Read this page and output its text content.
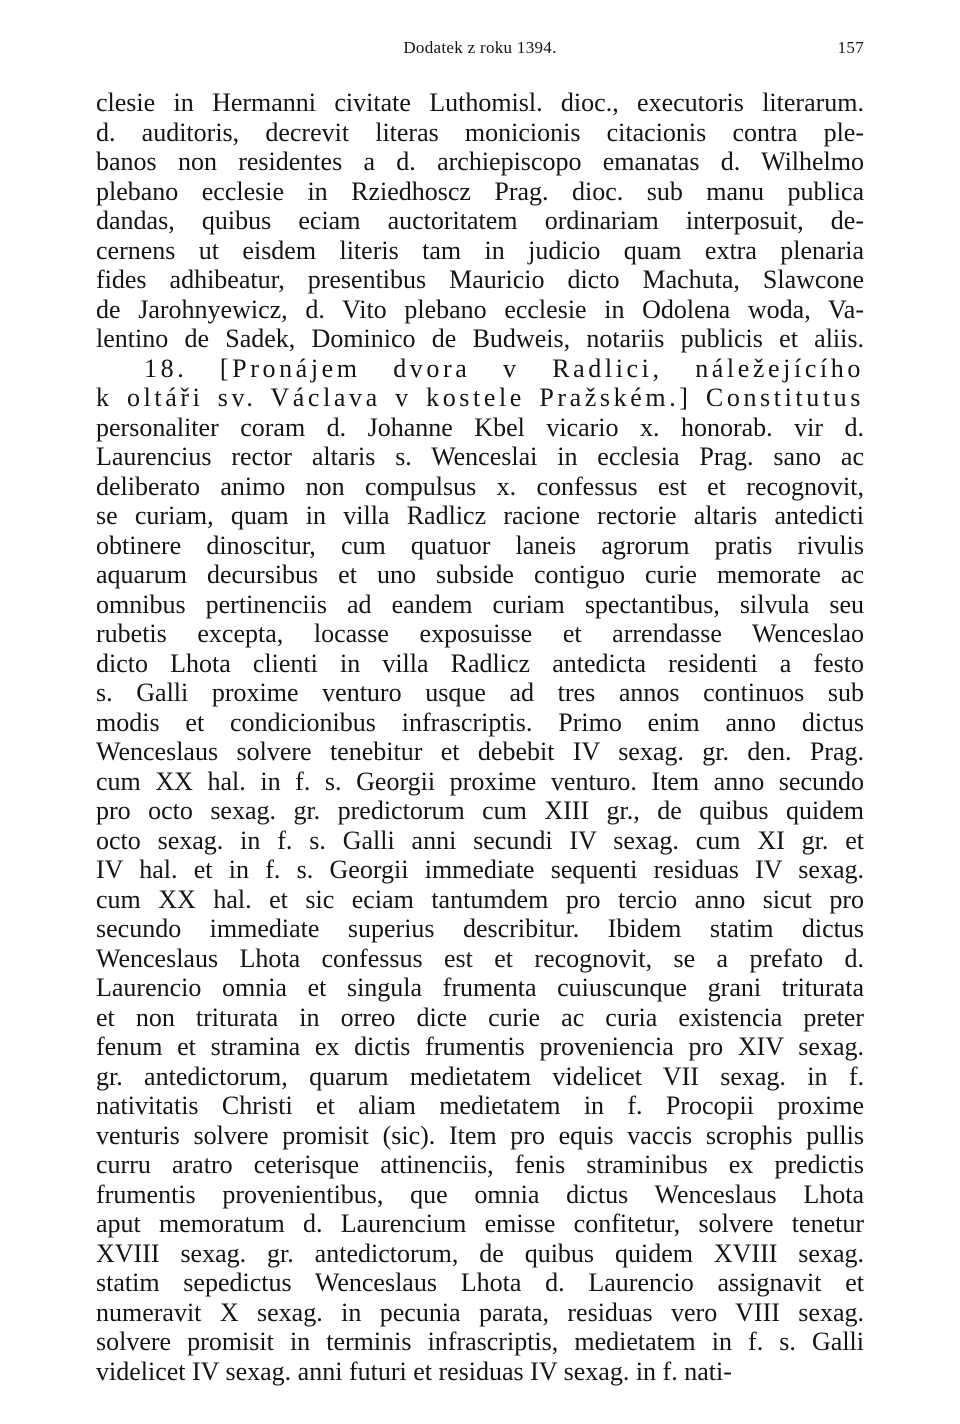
Dodatek z roku 1394.	157
clesie in Hermanni civitate Luthomisl. dioc., executoris literarum.
d. auditoris, decrevit literas monicionis citacionis contra ple-
banos non residentes a d. archiepiscopo emanatas d. Wilhelmo
plebano ecclesie in Rziedhoscz Prag. dioc. sub manu publica
dandas, quibus eciam auctoritatem ordinariam interposuit, de-
cernens ut eisdem literis tam in judicio quam extra plenaria
fides adhibeatur, presentibus Mauricio dicto Machuta, Slawcone
de Jarohnyewicz, d. Vito plebano ecclesie in Odolena woda, Va-
lentino de Sadek, Dominico de Budweis, notariis publicis et aliis.
18. [Pronájem dvora v Radlici, náležejícího
k oltáři sv. Václava v kostele Pražském.] Constitutus
personaliter coram d. Johanne Kbel vicario x. honorab. vir d.
Laurencius rector altaris s. Wenceslai in ecclesia Prag. sano ac
deliberato animo non compulsus x. confessus est et recognovit,
se curiam, quam in villa Radlicz racione rectorie altaris antedicti
obtinere dinoscitur, cum quatuor laneis agrorum pratis rivulis
aquarum decursibus et uno subside contiguo curie memorate ac
omnibus pertinenciis ad eandem curiam spectantibus, silvula seu
rubetis excepta, locasse exposuisse et arrendasse Wenceslao
dicto Lhota clienti in villa Radlicz antedicta residenti a festo
s. Galli proxime venturo usque ad tres annos continuos sub
modis et condicionibus infrascriptis. Primo enim anno dictus
Wenceslaus solvere tenebitur et debebit IV sexag. gr. den. Prag.
cum XX hal. in f. s. Georgii proxime venturo. Item anno secundo
pro octo sexag. gr. predictorum cum XIII gr., de quibus quidem
octo sexag. in f. s. Galli anni secundi IV sexag. cum XI gr. et
IV hal. et in f. s. Georgii immediate sequenti residuas IV sexag.
cum XX hal. et sic eciam tantumdem pro tercio anno sicut pro
secundo immediate superius describitur. Ibidem statim dictus
Wenceslaus Lhota confessus est et recognovit, se a prefato d.
Laurencio omnia et singula frumenta cuiuscunque grani triturata
et non triturata in orreo dicte curie ac curia existencia preter
fenum et stramina ex dictis frumentis proveniencia pro XIV sexag.
gr. antedictorum, quarum medietatem videlicet VII sexag. in f.
nativitatis Christi et aliam medietatem in f. Procopii proxime
venturis solvere promisit (sic). Item pro equis vaccis scrophis pullis
curru aratro ceterisque attinenciis, fenis straminibus ex predictis
frumentis provenientibus, que omnia dictus Wenceslaus Lhota
aput memoratum d. Laurencium emisse confitetur, solvere tenetur
XVIII sexag. gr. antedictorum, de quibus quidem XVIII sexag.
statim sepedictus Wenceslaus Lhota d. Laurencio assignavit et
numeravit X sexag. in pecunia parata, residuas vero VIII sexag.
solvere promisit in terminis infrascriptis, medietatem in f. s. Galli
videlicet IV sexag. anni futuri et residuas IV sexag. in f. nati-
